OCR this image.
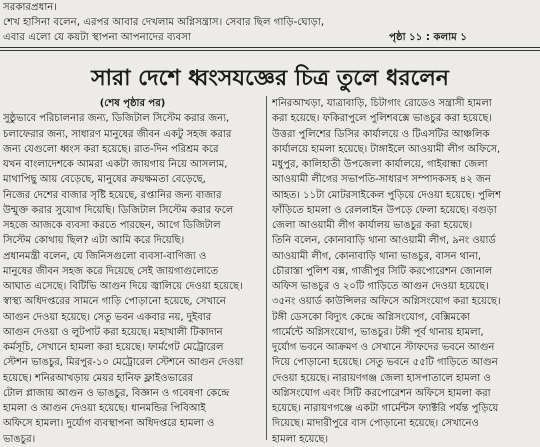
সরকারপ্রধান।
শেখ হাসিনা বলেন, এরপর আবার দেখলাম অগ্নিসন্ত্রাস। সেবার ছিল গাড়ি-ঘোড়া,
এবার এলো যে কয়টা স্থাপনা আপনাদের ব্যবসা	পৃষ্ঠা ১১ : কলাম ১
সারা দেশে ধ্বংসযজ্ঞের চিত্র তুলে ধরলেন
(শেষ পৃষ্ঠার পর)
সুষ্ঠুভাবে পরিচালনার জন্য, ডিজিটাল সিস্টেম করার জন্য,
চলাফেরার জন্য, সাধারণ মানুষের জীবন একটু সহজ করার
জন্য যেগুলো ধ্বংস করা হয়েছে। রাত-দিন পরিশ্রম করে
যখন বাংলাদেশকে আমরা একটা জায়গায় নিয়ে আসলাম,
মাথাপিছু আয় বেড়েছে, মানুষের ক্রয়ক্ষমতা বেড়েছে,
নিজের দেশের বাজার সৃষ্টি হয়েছে, রপ্তানির জন্য বাজার
উন্মুক্ত করার সুযোগ দিয়েছি। ডিজিটাল সিস্টেম করার ফলে
সহজে আজকে ব্যবসা করতে পারছেন, আগে ডিজিটাল
সিস্টেম কোথায় ছিল? এটা আমি করে দিয়েছি।
প্রধানমন্ত্রী বলেন, যে জিনিসগুলো ব্যবসা-বাণিজ্য ও
মানুষের জীবন সহজ করে দিয়েছে সেই জায়গাগুলোতে
আঘাত এসেছে। বিটিভি আগুন দিয়ে জ্বালিয়ে দেওয়া হয়েছে।
স্বাস্থ্য অধিদপ্তরের সামনে গাড়ি পোড়ানো হয়েছে, সেখানে
আগুন দেওয়া হয়েছে। সেতু ভবন একবার নয়, দুইবার
আগুন দেওয়া ও লুটপাট করা হয়েছে। মহাখালী টিকাদান
কর্মসূচি, সেখানে হামলা করা হয়েছে। ফার্মগেট মেট্রোরেল
স্টেশন ভাঙচুর, মিরপুর-১০ মেট্রোরেল স্টেশনে আগুন দেওয়া
হয়েছে। শনিরআখড়ায় মেয়র হানিফ ফ্লাইওভারের
টোল প্লাজায় আগুন ও ভাঙচুর, বিজ্ঞান ও গবেষণা কেন্দ্রে
হামলা ও আগুন দেওয়া হয়েছে। ধানমন্ডির পিবিআই
অফিসে হামলা। দুর্যোগ ব্যবস্থাপনা অধিদপ্তরে হামলা ও
ভাঙচুর।
শনিরআখড়া, যাত্রাবাড়ি, চিটাগাং রোডেও সন্ত্রাসী হামলা
করা হয়েছে। ফকিরাপুলে পুলিশবক্সে ভাঙচুর করা হয়েছে।
উত্তরা পুলিশের ডিসির কার্যালয়ে ও টিএসটির আঞ্চলিক
কার্যালয়ে হামলা হয়েছে। টাঙ্গাইলে আওয়ামী লীগ অফিসে,
মধুপুর, কালিহাতী উপজেলা কার্যালয়ে, গাইবান্ধা জেলা
আওয়ামী লীগের সভাপতি-সাধারণ সম্পাদকসহ ৪২ জন
আহত। ১১টা মোটরসাইকেল পুড়িয়ে দেওয়া হয়েছে। পুলিশ
ফাঁড়িতে হামলা ও রেললাইন উপড়ে ফেলা হয়েছে। বগুড়া
জেলা আওয়ামী লীগ কার্যালয় ভাঙচুর করা হয়েছে।
তিনি বলেন, কোনাবাড়ি থানা আওয়ামী লীগ, ৯নং ওয়ার্ড
আওয়ামী লীগ, কোনাবাড়ি থানা ভাঙচুর, বাসন থানা,
চৌরাস্তা পুলিশ বক্স, গাজীপুর সিটি করপোরেশন জোনাল
অফিস ভাঙচুর ও ২০টি গাড়িতে আগুন দেওয়া হয়েছে।
৩৫নং ওয়ার্ড কাউন্সিলর অফিসে অগ্নিসংযোগ করা হয়েছে।
টঙ্গী ডেসকো বিদ্যুৎ কেন্দ্রে অগ্নিসংযোগ, বেক্সিমকো
গার্মেন্টে অগ্নিসংযোগ, ভাঙচুর। টঙ্গী পূর্ব থানায় হামলা,
দুর্যোগ ভবনে আক্রমণ ও সেখানে স্টাফদের ভবনে আগুন
দিয়ে পোড়ানো হয়েছে। সেতু ভবনে ৫৫টি গাড়িতে আগুন
দেওয়া হয়েছে। নারায়ণগঞ্জ জেলা হাসপাতালে হামলা ও
অগ্নিসংযোগ এবং সিটি করপোরেশন অফিসে হামলা করা
হয়েছে। নারায়ণগঞ্জে একটা গার্মেন্টস ফ্যাক্টরি পর্যন্ত পুড়িয়ে
দিয়েছে। মাদারীপুরে বাস পোড়ানো হয়েছে। সেখানেও
হামলা হয়েছে।
